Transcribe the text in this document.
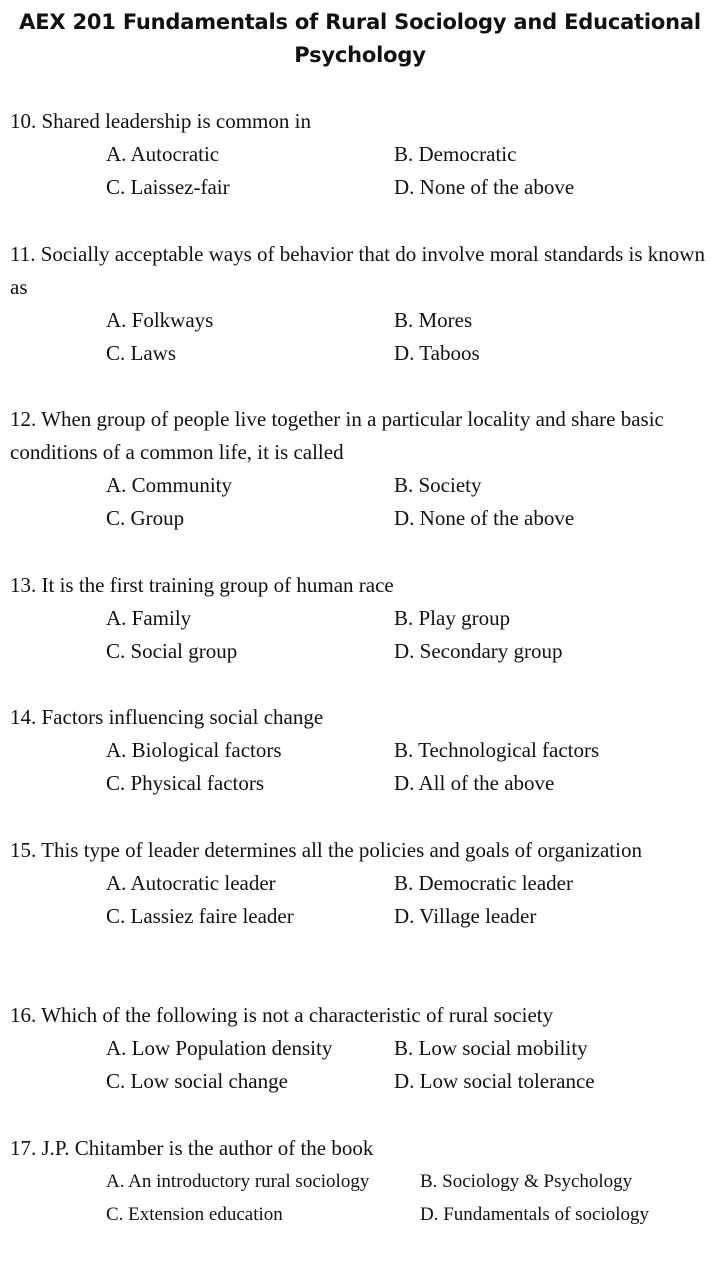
AEX 201 Fundamentals of Rural Sociology and Educational
Psychology

10. Shared leadership is common in

A. Autocratic	B. Democratic
C. Laissez-fair	D. None of the above

11. Socially acceptable ways of behavior that do involve moral standards is known as

A. Folkways	B. Mores
C. Laws	D. Taboos

12. When group of people live together in a particular locality and share basic conditions of a common life, it is called

A. Community	B. Society
C. Group	D. None of the above

13. It is the first training group of human race

A. Family	B. Play group
C. Social group	D. Secondary group

14. Factors influencing social change

A. Biological factors	B. Technological factors
C. Physical factors	D. All of the above

15. This type of leader determines all the policies and goals of organization

A. Autocratic leader	B. Democratic leader
C. Lassiez faire leader	D. Village leader

16. Which of the following is not a characteristic of rural society

A. Low Population density	B. Low social mobility
C. Low social change	D. Low social tolerance

17. J.P. Chitamber is the author of the book

A. An introductory rural sociology	B. Sociology & Psychology
C. Extension education	D. Fundamentals of sociology
